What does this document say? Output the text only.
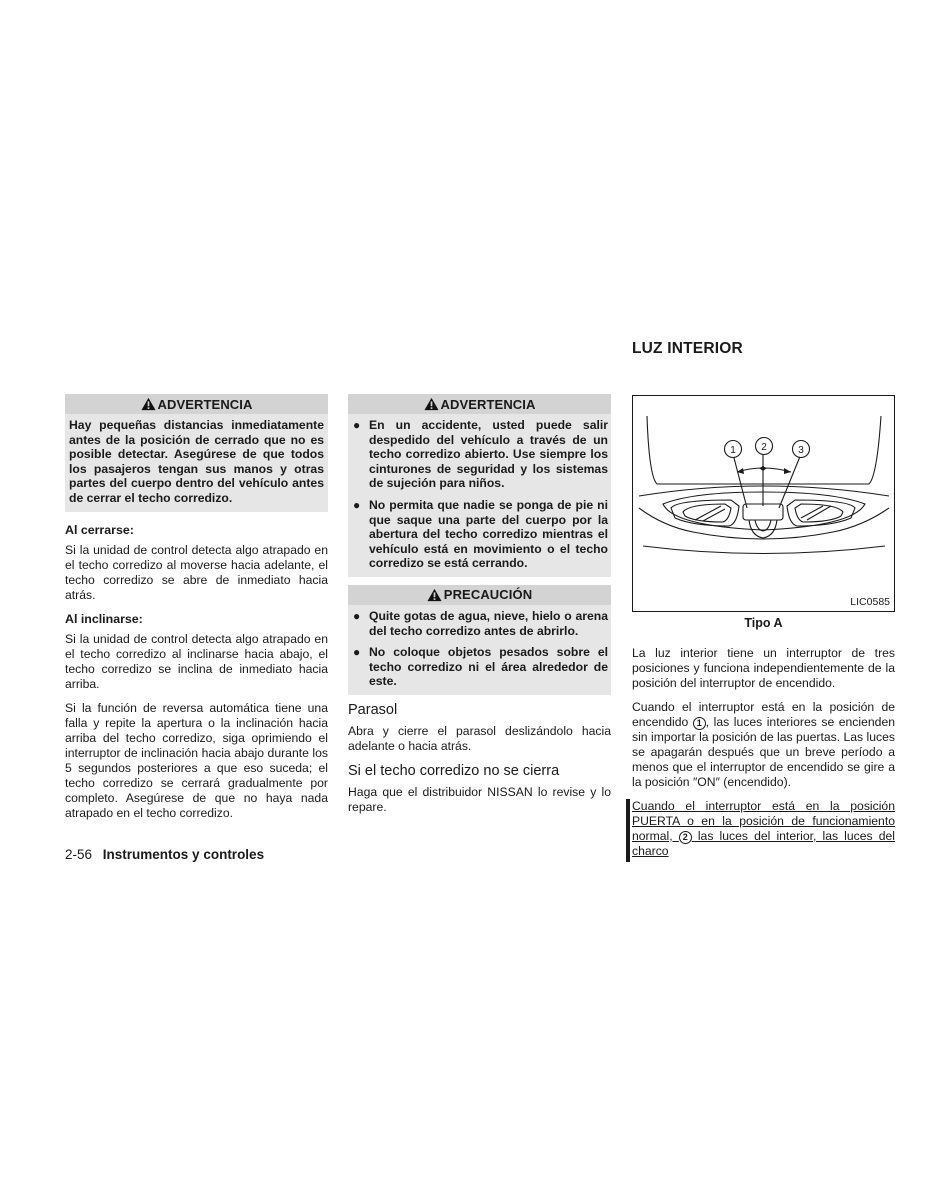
ADVERTENCIA
Hay pequeñas distancias inmediatamente antes de la posición de cerrado que no es posible detectar. Asegúrese de que todos los pasajeros tengan sus manos y otras partes del cuerpo dentro del vehículo antes de cerrar el techo corredizo.
Al cerrarse:

Si la unidad de control detecta algo atrapado en el techo corredizo al moverse hacia adelante, el techo corredizo se abre de inmediato hacia atrás.

Al inclinarse:

Si la unidad de control detecta algo atrapado en el techo corredizo al inclinarse hacia abajo, el techo corredizo se inclina de inmediato hacia arriba.

Si la función de reversa automática tiene una falla y repite la apertura o la inclinación hacia arriba del techo corredizo, siga oprimiendo el interruptor de inclinación hacia abajo durante los 5 segundos posteriores a que eso suceda; el techo corredizo se cerrará gradualmente por completo. Asegúrese de que no haya nada atrapado en el techo corredizo.

ADVERTENCIA
● En un accidente, usted puede salir despedido del vehículo a través de un techo corredizo abierto. Use siempre los cinturones de seguridad y los sistemas de sujeción para niños.
● No permita que nadie se ponga de pie ni que saque una parte del cuerpo por la abertura del techo corredizo mientras el vehículo está en movimiento o el techo corredizo se está cerrando.
PRECAUCIÓN
● Quite gotas de agua, nieve, hielo o arena del techo corredizo antes de abrirlo.
● No coloque objetos pesados sobre el techo corredizo ni el área alrededor de este.
Parasol

Abra y cierre el parasol deslizándolo hacia adelante o hacia atrás.

Si el techo corredizo no se cierra

Haga que el distribuidor NISSAN lo revise y lo repare.

LUZ INTERIOR
1	2	3
LIC0585
Tipo A

La luz interior tiene un interruptor de tres posiciones y funciona independientemente de la posición del interruptor de encendido.

Cuando el interruptor está en la posición de encendido 1 , las luces interiores se encienden sin importar la posición de las puertas. Las luces se apagarán después que un breve período a menos que el interruptor de encendido se gire a la posición ″ON″ (encendido).

Cuando el interruptor está en la posición PUERTA o en la posición de funcionamiento normal, 2 las luces del interior, las luces del charco

2-56 Instrumentos y controles
